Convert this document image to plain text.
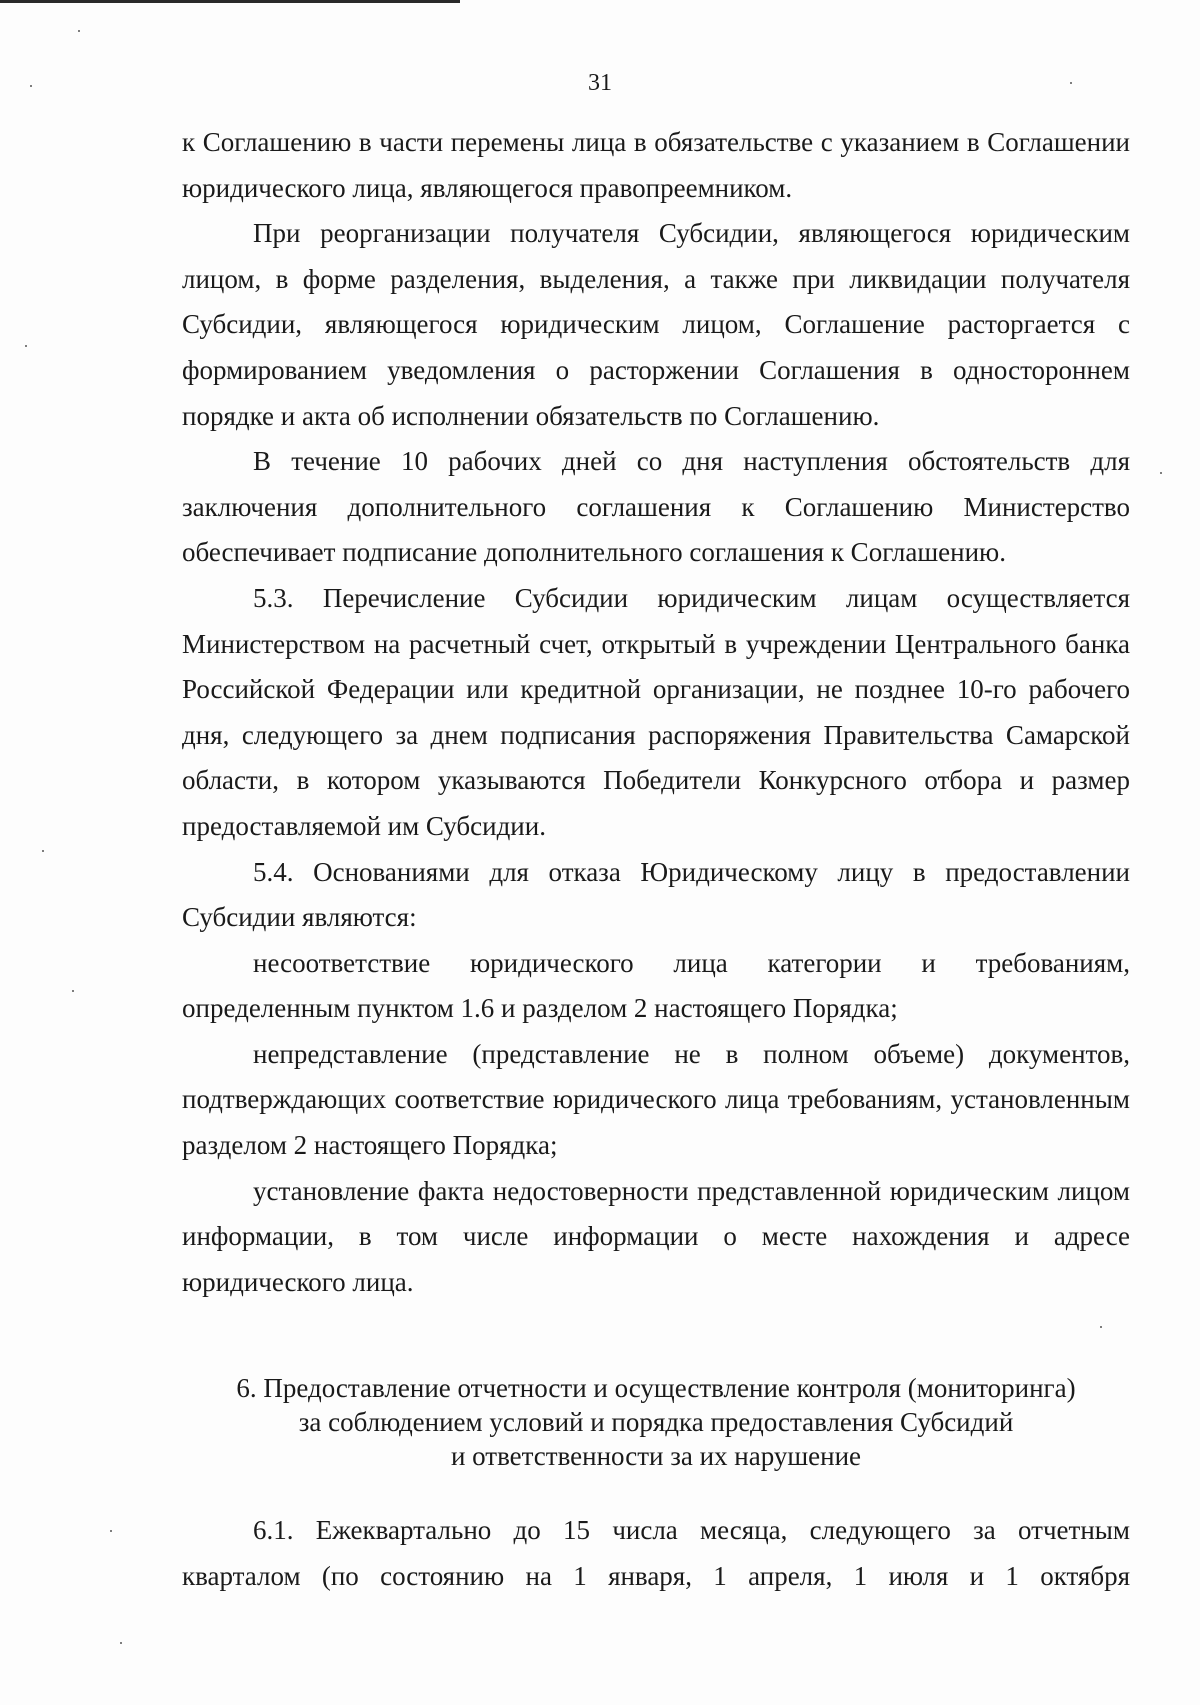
31

к Соглашению в части перемены лица в обязательстве с указанием в Соглашении юридического лица, являющегося правопреемником.

При реорганизации получателя Субсидии, являющегося юридическим лицом, в форме разделения, выделения, а также при ликвидации получателя Субсидии, являющегося юридическим лицом, Соглашение расторгается с формированием уведомления о расторжении Соглашения в одностороннем порядке и акта об исполнении обязательств по Соглашению.

В течение 10 рабочих дней со дня наступления обстоятельств для заключения дополнительного соглашения к Соглашению Министерство обеспечивает подписание дополнительного соглашения к Соглашению.

5.3. Перечисление Субсидии юридическим лицам осуществляется Министерством на расчетный счет, открытый в учреждении Центрального банка Российской Федерации или кредитной организации, не позднее 10-го рабочего дня, следующего за днем подписания распоряжения Правительства Самарской области, в котором указываются Победители Конкурсного отбора и размер предоставляемой им Субсидии.

5.4. Основаниями для отказа Юридическому лицу в предоставлении Субсидии являются:

несоответствие юридического лица категории и требованиям, определенным пунктом 1.6 и разделом 2 настоящего Порядка;

непредставление (представление не в полном объеме) документов, подтверждающих соответствие юридического лица требованиям, установленным разделом 2 настоящего Порядка;

установление факта недостоверности представленной юридическим лицом информации, в том числе информации о месте нахождения и адресе юридического лица.

6. Предоставление отчетности и осуществление контроля (мониторинга)
за соблюдением условий и порядка предоставления Субсидий
и ответственности за их нарушение

6.1. Ежеквартально до 15 числа месяца, следующего за отчетным кварталом (по состоянию на 1 января, 1 апреля, 1 июля и 1 октября
